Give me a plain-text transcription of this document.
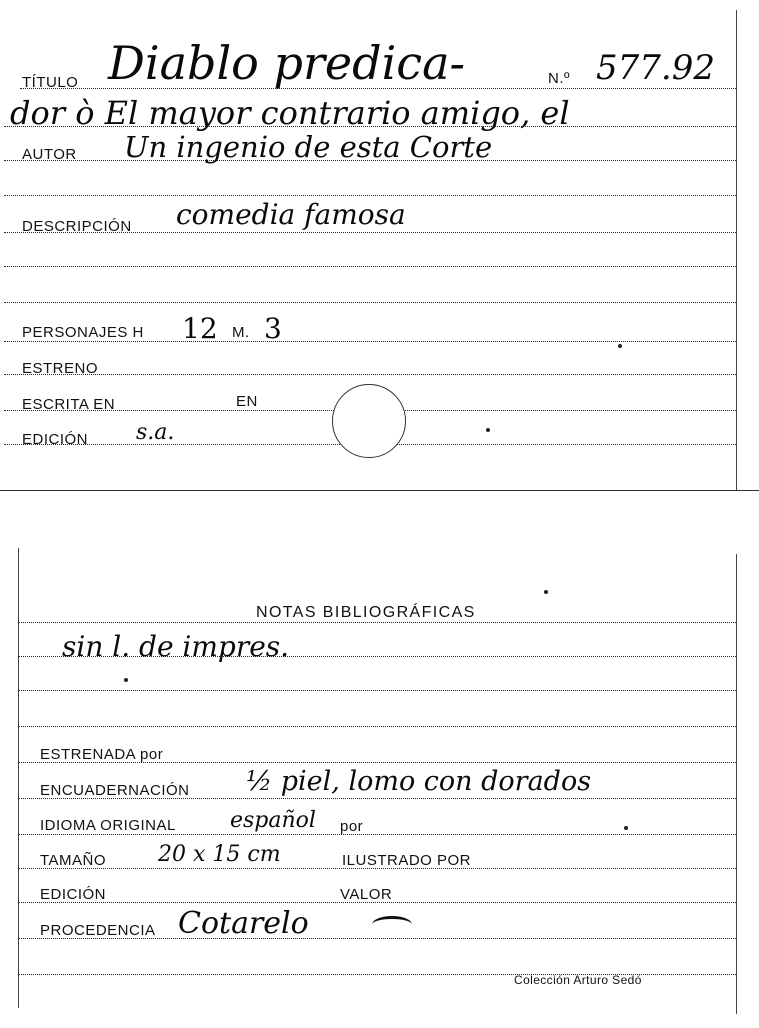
TÍTULO Diablo predica-	N.º 577.92
dor ò El mayor contrario amigo, el
AUTOR Un ingenio de esta Corte
DESCRIPCIÓN comedia famosa
PERSONAJES H 12 M. 3
ESTRENO
ESCRITA EN	EN
EDICIÓN s.a.
NOTAS BIBLIOGRÁFICAS
sin l. de impres.
ESTRENADA por
ENCUADERNACIÓN ½ piel, lomo con dorados
IDIOMA ORIGINAL español por
TAMAÑO 20 x 15 cm	ILUSTRADO POR
EDICIÓN	VALOR
PROCEDENCIA Cotarelo
Colección Arturo Sedó
